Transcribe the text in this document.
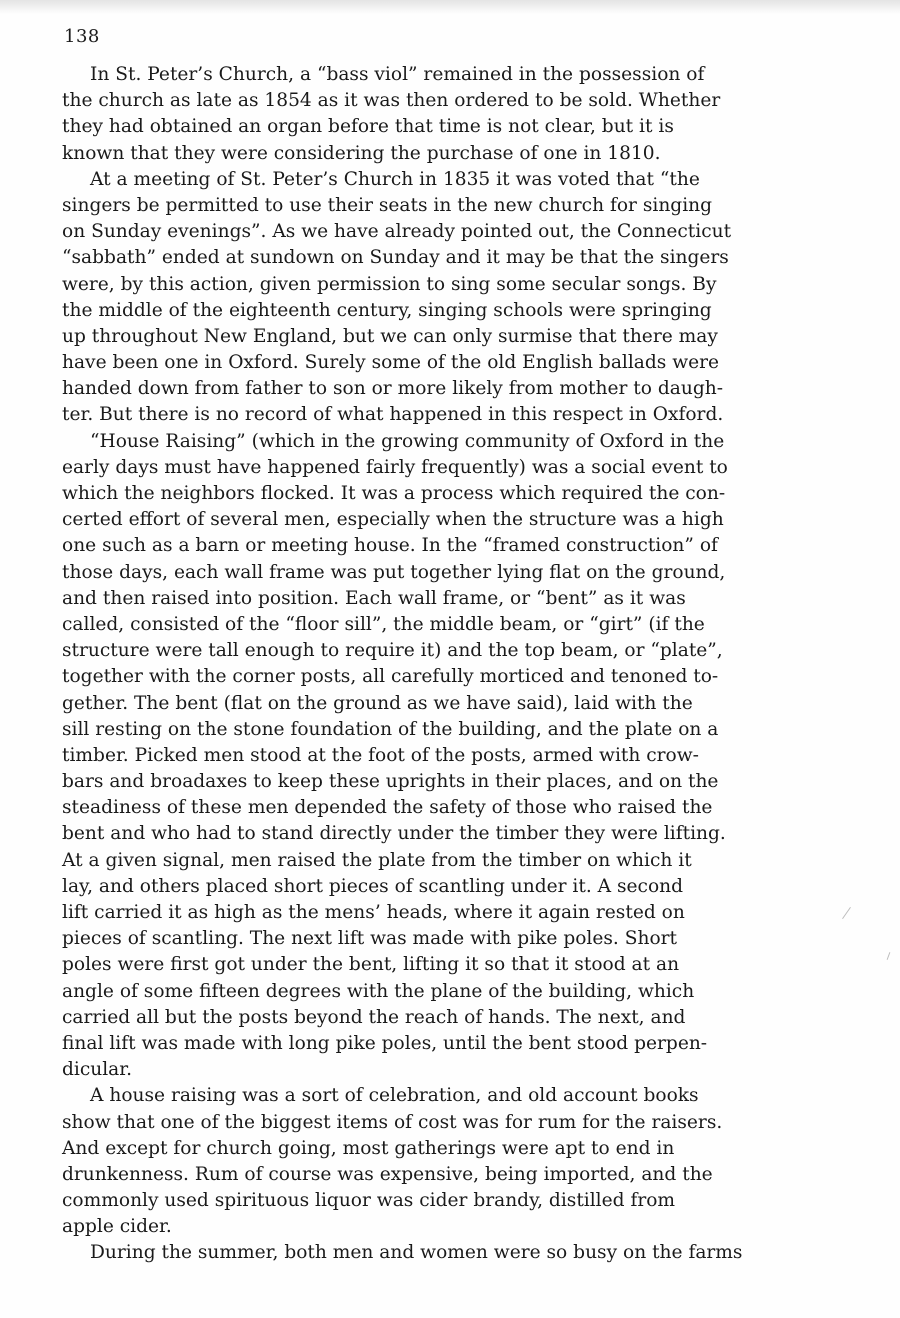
138
In St. Peter’s Church, a “bass viol” remained in the possession of
the church as late as 1854 as it was then ordered to be sold. Whether
they had obtained an organ before that time is not clear, but it is
known that they were considering the purchase of one in 1810.
At a meeting of St. Peter’s Church in 1835 it was voted that “the
singers be permitted to use their seats in the new church for singing
on Sunday evenings”. As we have already pointed out, the Connecticut
“sabbath” ended at sundown on Sunday and it may be that the singers
were, by this action, given permission to sing some secular songs. By
the middle of the eighteenth century, singing schools were springing
up throughout New England, but we can only surmise that there may
have been one in Oxford. Surely some of the old English ballads were
handed down from father to son or more likely from mother to daugh-
ter. But there is no record of what happened in this respect in Oxford.
“House Raising” (which in the growing community of Oxford in the
early days must have happened fairly frequently) was a social event to
which the neighbors flocked. It was a process which required the con-
certed effort of several men, especially when the structure was a high
one such as a barn or meeting house. In the “framed construction” of
those days, each wall frame was put together lying flat on the ground,
and then raised into position. Each wall frame, or “bent” as it was
called, consisted of the “floor sill”, the middle beam, or “girt” (if the
structure were tall enough to require it) and the top beam, or “plate”,
together with the corner posts, all carefully morticed and tenoned to-
gether. The bent (flat on the ground as we have said), laid with the
sill resting on the stone foundation of the building, and the plate on a
timber. Picked men stood at the foot of the posts, armed with crow-
bars and broadaxes to keep these uprights in their places, and on the
steadiness of these men depended the safety of those who raised the
bent and who had to stand directly under the timber they were lifting.
At a given signal, men raised the plate from the timber on which it
lay, and others placed short pieces of scantling under it. A second
lift carried it as high as the mens’ heads, where it again rested on
pieces of scantling. The next lift was made with pike poles. Short
poles were first got under the bent, lifting it so that it stood at an
angle of some fifteen degrees with the plane of the building, which
carried all but the posts beyond the reach of hands. The next, and
final lift was made with long pike poles, until the bent stood perpen-
dicular.
A house raising was a sort of celebration, and old account books
show that one of the biggest items of cost was for rum for the raisers.
And except for church going, most gatherings were apt to end in
drunkenness. Rum of course was expensive, being imported, and the
commonly used spirituous liquor was cider brandy, distilled from
apple cider.
During the summer, both men and women were so busy on the farms
